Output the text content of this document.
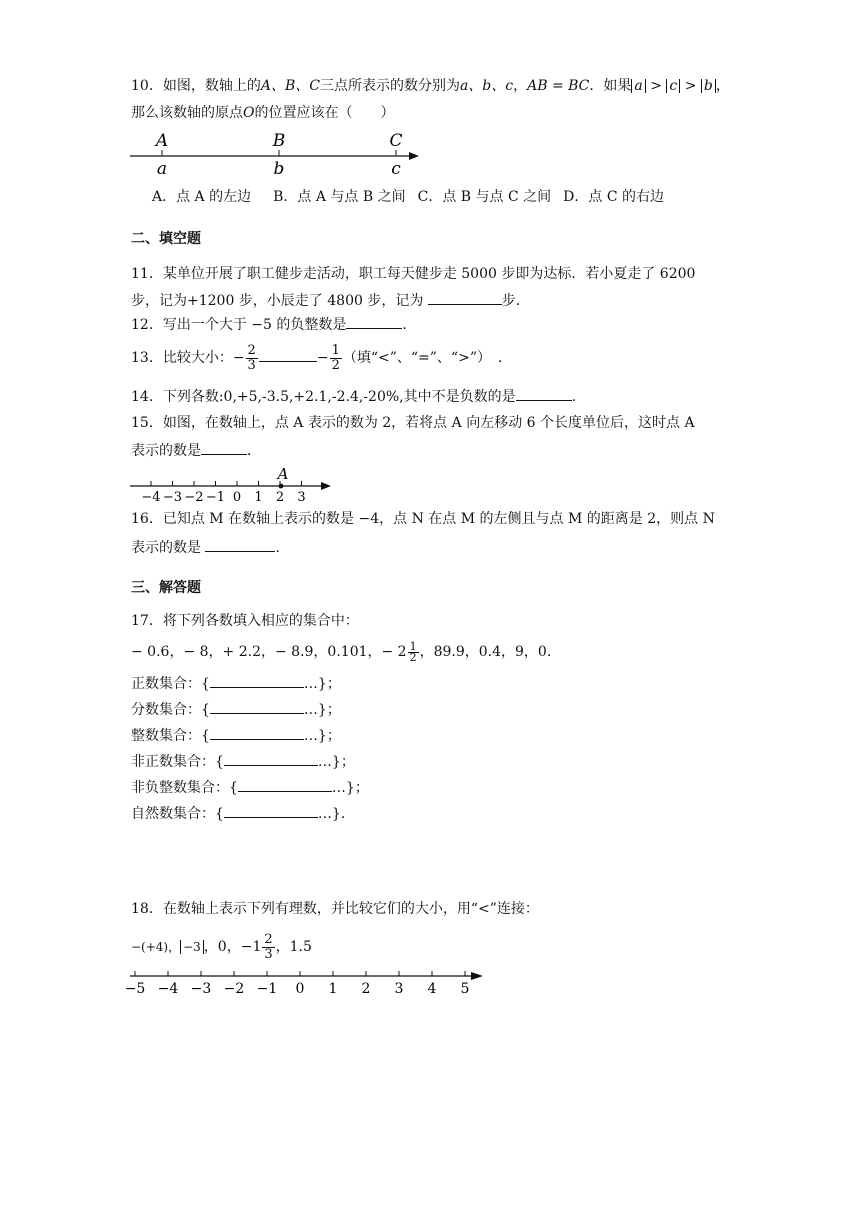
10．如图，数轴上的A、B、C三点所表示的数分别为a、b、c，AB = BC．如果 a > c > b ，
那么该数轴的原点O的位置应该在（　　）
A	B	C
a	b	c
A．点 A 的左边 B．点 A 与点 B 之间 C．点 B 与点 C 之间 D．点 C 的右边
二、填空题
11．某单位开展了职工健步走活动，职工每天健步走 5000 步即为达标．若小夏走了 6200
步，记为+1200 步，小辰走了 4800 步，记为	步．
12．写出一个大于 −5 的负整数是	．
13．比较大小：− $\frac{2}{3}$	− $\frac{1}{2}$ （填“<”、“=”、“>”）　．
14．下列各数:0,+5,-3.5,+2.1,-2.4,-20%,其中不是负数的是	.
15．如图，在数轴上，点 A 表示的数为 2，若将点 A 向左移动 6 个长度单位后，这时点 A
表示的数是	．
−4 −3 −2 −1 0 1 2 3
A
16．已知点 M 在数轴上表示的数是 −4，点 N 在点 M 的左侧且与点 M 的距离是 2，则点 N
表示的数是	.
三、解答题
17．将下列各数填入相应的集合中：
− 0.6，− 8，+ 2.2，− 8.9，0.101，− $2 \frac{1}{2}$ ，89.9，0.4，9，0.
正数集合：{	…}；
分数集合：{	…}；
整数集合：{	…}；
非正数集合：{	…}；
非负整数集合：{	…}；
自然数集合：{	…}.
18．在数轴上表示下列有理数，并比较它们的大小，用“<”连接：
−(+4)， −3 ，0，$-1 \frac{2}{3}$ ，1.5
−5 −4 −3 −2 −1 0 1 2 3 4 5
